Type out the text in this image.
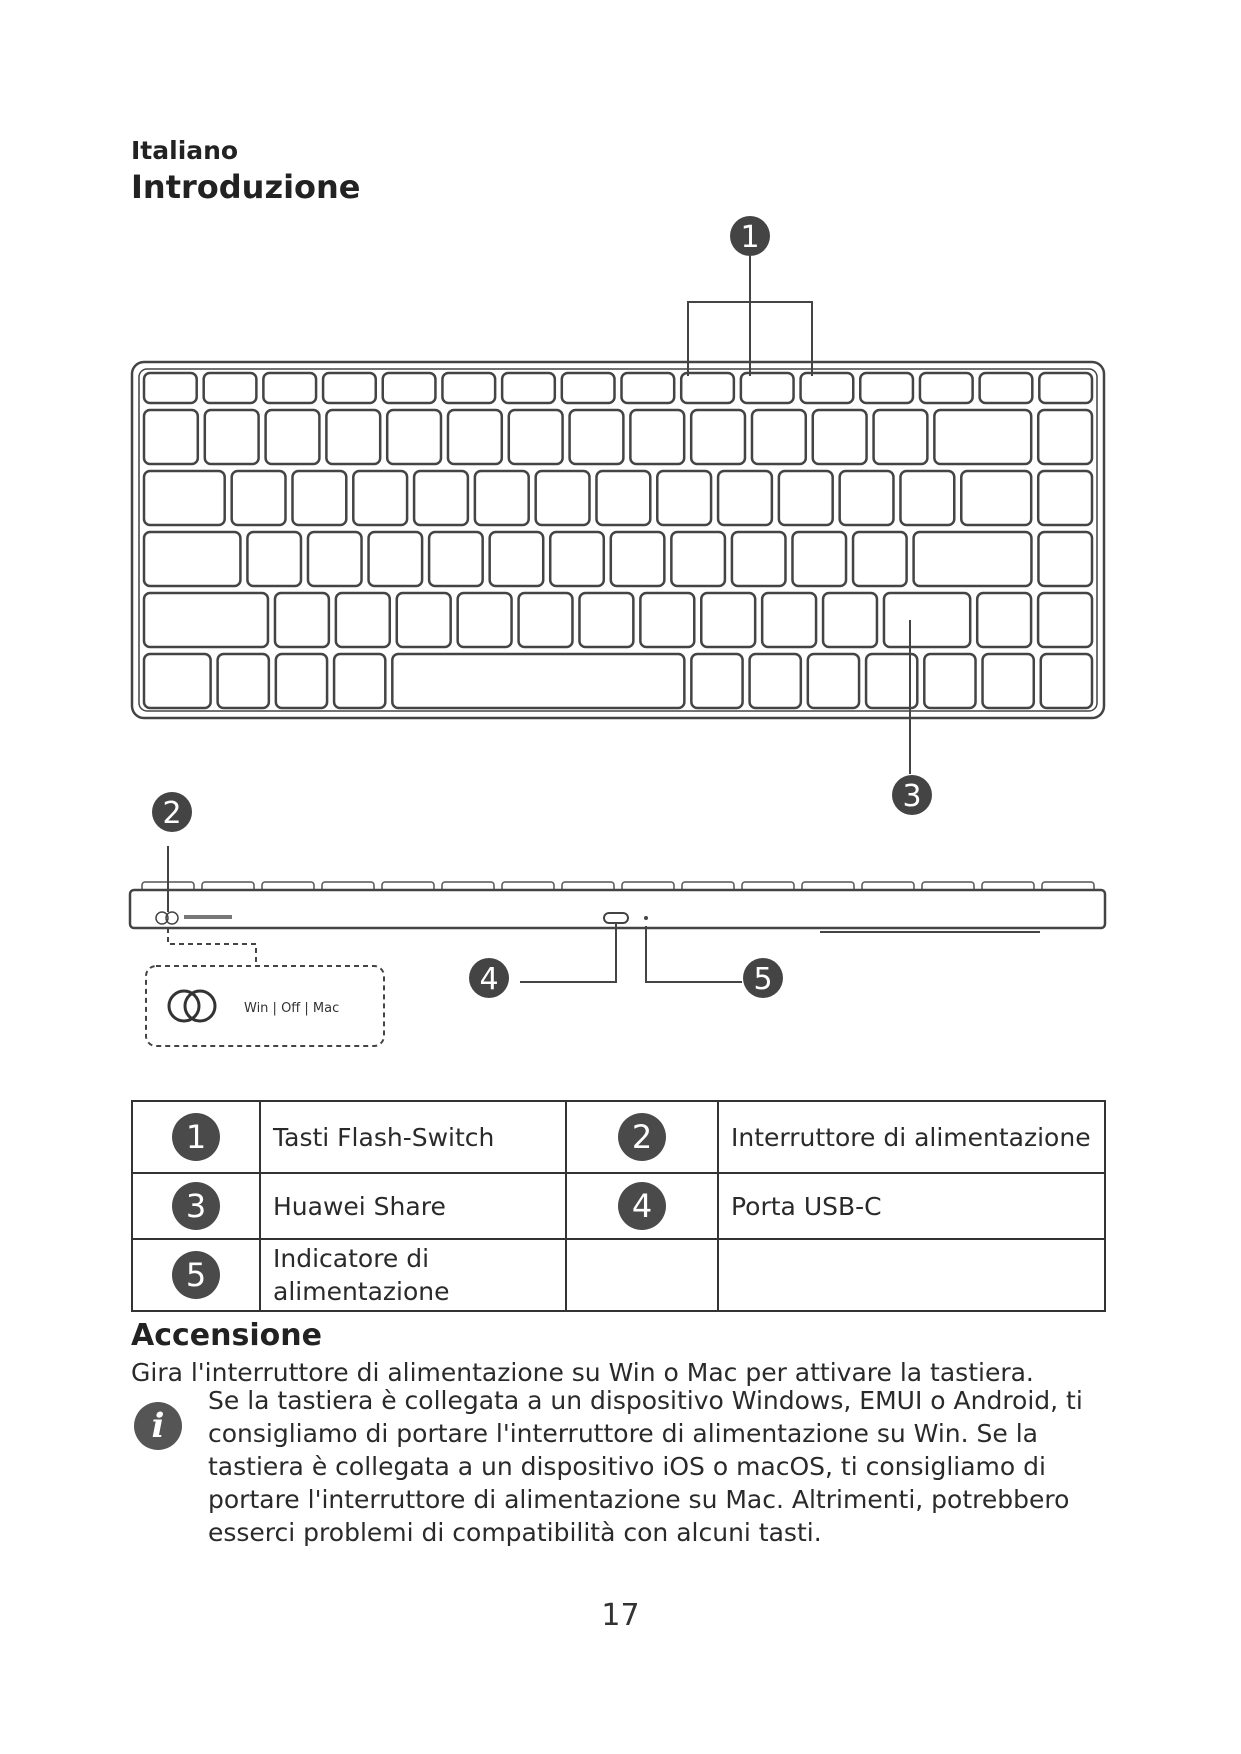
Italiano
Introduzione
Win | Off | Mac
1
2	3
4	5
1	Tasti Flash-Switch	2	Interruttore di alimentazione

3	Huawei Share	4	Porta USB-C

5	Indicatore di alimentazione		
Accensione
Gira l'interruttore di alimentazione su Win o Mac per attivare la tastiera.
i
Se la tastiera è collegata a un dispositivo Windows, EMUI o Android, ti consigliamo di portare l'interruttore di alimentazione su Win. Se la tastiera è collegata a un dispositivo iOS o macOS, ti consigliamo di portare l'interruttore di alimentazione su Mac. Altrimenti, potrebbero esserci problemi di compatibilità con alcuni tasti.
17
